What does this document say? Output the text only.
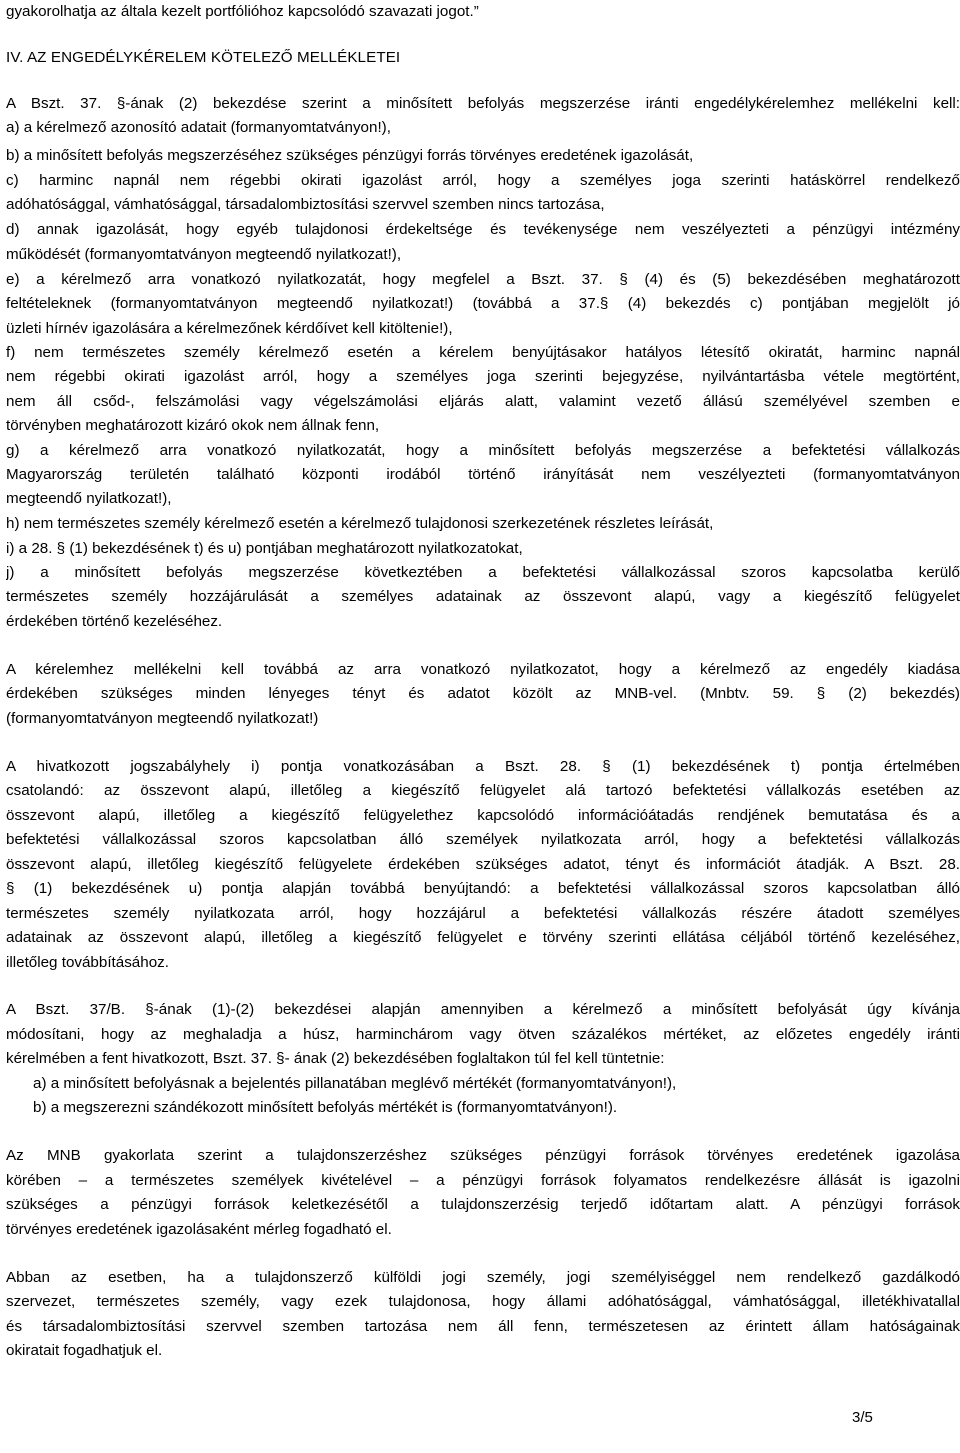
gyakorolhatja az általa kezelt portfólióhoz kapcsolódó szavazati jogot.”
IV. AZ ENGEDÉLYKÉRELEM KÖTELEZŐ MELLÉKLETEI
A Bszt. 37. §-ának (2) bekezdése szerint a minősített befolyás megszerzése iránti engedélykérelemhez mellékelni kell:
a) a kérelmező azonosító adatait (formanyomtatványon!),
b) a minősített befolyás megszerzéséhez szükséges pénzügyi forrás törvényes eredetének igazolását,
c) harminc napnál nem régebbi okirati igazolást arról, hogy a személyes joga szerinti hatáskörrel rendelkező
adóhatósággal, vámhatósággal, társadalombiztosítási szervvel szemben nincs tartozása,
d) annak igazolását, hogy egyéb tulajdonosi érdekeltsége és tevékenysége nem veszélyezteti a pénzügyi intézmény
működését (formanyomtatványon megteendő nyilatkozat!),
e) a kérelmező arra vonatkozó nyilatkozatát, hogy megfelel a Bszt. 37. § (4) és (5) bekezdésében meghatározott
feltételeknek (formanyomtatványon megteendő nyilatkozat!) (továbbá a 37.§ (4) bekezdés c) pontjában megjelölt jó
üzleti hírnév igazolására a kérelmezőnek kérdőívet kell kitöltenie!),
f) nem természetes személy kérelmező esetén a kérelem benyújtásakor hatályos létesítő okiratát, harminc napnál
nem régebbi okirati igazolást arról, hogy a személyes joga szerinti bejegyzése, nyilvántartásba vétele megtörtént,
nem áll csőd-, felszámolási vagy végelszámolási eljárás alatt, valamint vezető állású személyével szemben e
törvényben meghatározott kizáró okok nem állnak fenn,
g) a kérelmező arra vonatkozó nyilatkozatát, hogy a minősített befolyás megszerzése a befektetési vállalkozás
Magyarország területén található központi irodából történő irányítását nem veszélyezteti (formanyomtatványon
megteendő nyilatkozat!),
h) nem természetes személy kérelmező esetén a kérelmező tulajdonosi szerkezetének részletes leírását,
i) a 28. § (1) bekezdésének t) és u) pontjában meghatározott nyilatkozatokat,
j) a minősített befolyás megszerzése következtében a befektetési vállalkozással szoros kapcsolatba kerülő
természetes személy hozzájárulását a személyes adatainak az összevont alapú, vagy a kiegészítő felügyelet
érdekében történő kezeléséhez.
A kérelemhez mellékelni kell továbbá az arra vonatkozó nyilatkozatot, hogy a kérelmező az engedély kiadása
érdekében szükséges minden lényeges tényt és adatot közölt az MNB-vel. (Mnbtv. 59. § (2) bekezdés)
(formanyomtatványon megteendő nyilatkozat!)
A hivatkozott jogszabályhely i) pontja vonatkozásában a Bszt. 28. § (1) bekezdésének t) pontja értelmében
csatolandó: az összevont alapú, illetőleg a kiegészítő felügyelet alá tartozó befektetési vállalkozás esetében az
összevont alapú, illetőleg a kiegészítő felügyelethez kapcsolódó információátadás rendjének bemutatása és a
befektetési vállalkozással szoros kapcsolatban álló személyek nyilatkozata arról, hogy a befektetési vállalkozás
összevont alapú, illetőleg kiegészítő felügyelete érdekében szükséges adatot, tényt és információt átadják. A Bszt. 28.
§ (1) bekezdésének u) pontja alapján továbbá benyújtandó: a befektetési vállalkozással szoros kapcsolatban álló
természetes személy nyilatkozata arról, hogy hozzájárul a befektetési vállalkozás részére átadott személyes
adatainak az összevont alapú, illetőleg a kiegészítő felügyelet e törvény szerinti ellátása céljából történő kezeléséhez,
illetőleg továbbításához.
A Bszt. 37/B. §-ának (1)-(2) bekezdései alapján amennyiben a kérelmező a minősített befolyását úgy kívánja
módosítani, hogy az meghaladja a húsz, harminchárom vagy ötven százalékos mértéket, az előzetes engedély iránti
kérelmében a fent hivatkozott, Bszt. 37. §- ának (2) bekezdésében foglaltakon túl fel kell tüntetnie:
a) a minősített befolyásnak a bejelentés pillanatában meglévő mértékét (formanyomtatványon!),
b) a megszerezni szándékozott minősített befolyás mértékét is (formanyomtatványon!).
Az MNB gyakorlata szerint a tulajdonszerzéshez szükséges pénzügyi források törvényes eredetének igazolása
körében – a természetes személyek kivételével – a pénzügyi források folyamatos rendelkezésre állását is igazolni
szükséges a pénzügyi források keletkezésétől a tulajdonszerzésig terjedő időtartam alatt. A pénzügyi források
törvényes eredetének igazolásaként mérleg fogadható el.
Abban az esetben, ha a tulajdonszerző külföldi jogi személy, jogi személyiséggel nem rendelkező gazdálkodó
szervezet, természetes személy, vagy ezek tulajdonosa, hogy állami adóhatósággal, vámhatósággal, illetékhivatallal
és társadalombiztosítási szervvel szemben tartozása nem áll fenn, természetesen az érintett állam hatóságainak
okiratait fogadhatjuk el.
3/5
